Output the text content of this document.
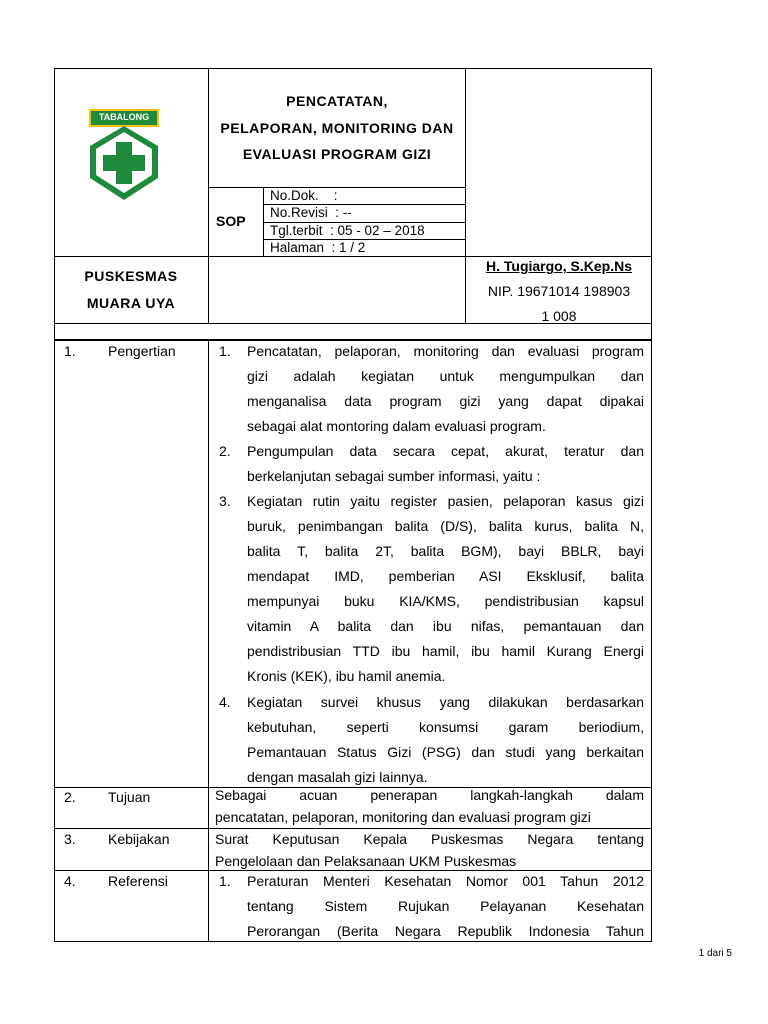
TABALONG
PENCATATAN,
PELAPORAN, MONITORING DAN
EVALUASI PROGRAM GIZI
SOP
No.Dok.    :
No.Revisi  : --
Tgl.terbit  : 05 - 02 – 2018
Halaman  : 1 / 2
PUSKESMAS
MUARA UYA
H. Tugiargo, S.Kep.Ns
NIP. 19671014 198903
1 008
1. Pengertian
2. Tujuan
3. Kebijakan
4. Referensi
1. Pencatatan, pelaporan, monitoring dan evaluasi program
gizi adalah kegiatan untuk mengumpulkan dan
menganalisa data program gizi yang dapat dipakai
sebagai alat montoring dalam evaluasi program.
2. Pengumpulan data secara cepat, akurat, teratur dan
berkelanjutan sebagai sumber informasi, yaitu :
3. Kegiatan rutin yaitu register pasien, pelaporan kasus gizi
buruk, penimbangan balita (D/S), balita kurus, balita N,
balita T, balita 2T, balita BGM), bayi BBLR, bayi
mendapat IMD, pemberian ASI Eksklusif, balita
mempunyai buku KIA/KMS, pendistribusian kapsul
vitamin A balita dan ibu nifas, pemantauan dan
pendistribusian TTD ibu hamil, ibu hamil Kurang Energi
Kronis (KEK), ibu hamil anemia.
4. Kegiatan survei khusus yang dilakukan berdasarkan
kebutuhan, seperti konsumsi garam beriodium,
Pemantauan Status Gizi (PSG) dan studi yang berkaitan
dengan masalah gizi lainnya.
Sebagai acuan penerapan langkah-langkah dalam
pencatatan, pelaporan, monitoring dan evaluasi program gizi
Surat Keputusan Kepala Puskesmas Negara tentang
Pengelolaan dan Pelaksanaan UKM Puskesmas
1. Peraturan Menteri Kesehatan Nomor 001 Tahun 2012
tentang Sistem Rujukan Pelayanan Kesehatan
Perorangan (Berita Negara Republik Indonesia Tahun
1 dari 5
